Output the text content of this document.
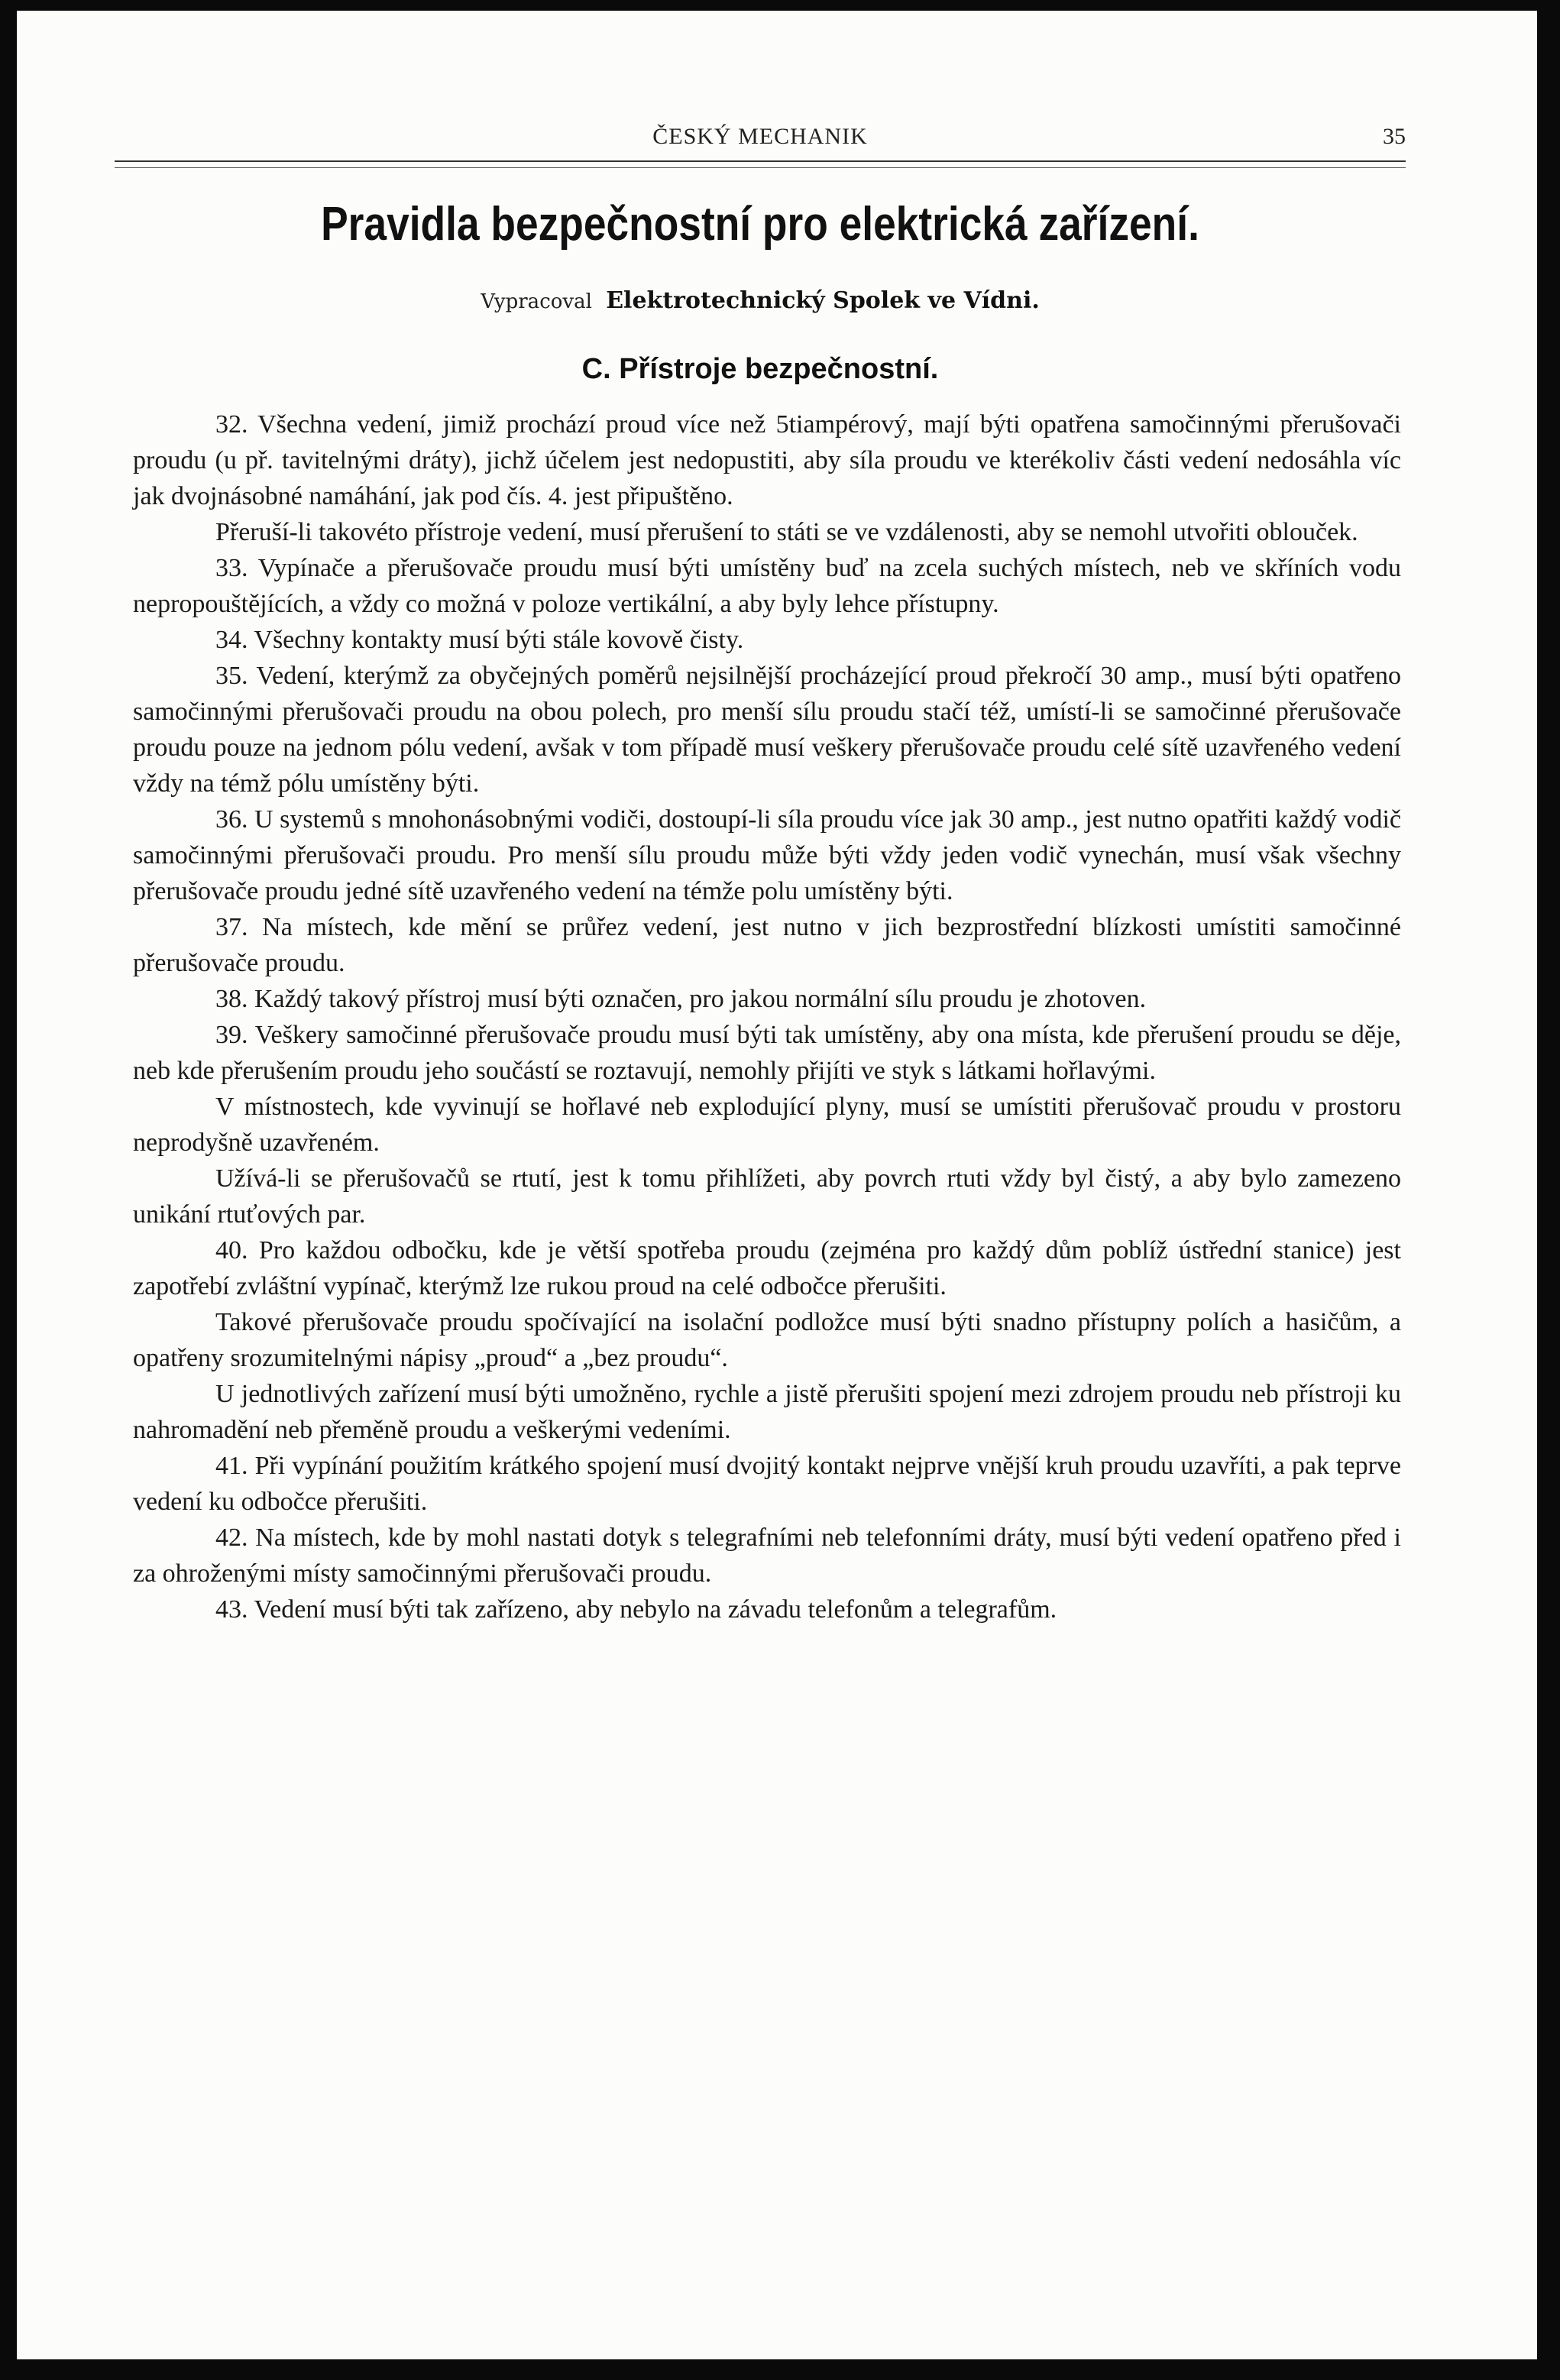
ČESKÝ MECHANIK	35
Pravidla bezpečnostní pro elektrická zařízení.
Vypracoval Elektrotechnický Spolek ve Vídni.
C. Přístroje bezpečnostní.

32. Všechna vedení, jimiž prochází proud více než 5tiampérový, mají býti opatřena samočinnými přerušovači proudu (u př. tavitelnými dráty), jichž účelem jest nedopustiti, aby síla proudu ve kterékoliv části vedení nedosáhla víc jak dvojnásobné namáhání, jak pod čís. 4. jest připuštěno.

Přeruší-li takovéto přístroje vedení, musí přerušení to státi se ve vzdálenosti, aby se nemohl utvořiti oblouček.

33. Vypínače a přerušovače proudu musí býti umístěny buď na zcela suchých místech, neb ve skříních vodu nepropouštějících, a vždy co možná v poloze vertikální, a aby byly lehce přístupny.

34. Všechny kontakty musí býti stále kovově čisty.

35. Vedení, kterýmž za obyčejných poměrů nejsilnější procházející proud překročí 30 amp., musí býti opatřeno samočinnými přerušovači proudu na obou polech, pro menší sílu proudu stačí též, umístí-li se samočinné přerušovače proudu pouze na jednom pólu vedení, avšak v tom případě musí veškery přerušovače proudu celé sítě uzavřeného vedení vždy na témž pólu umístěny býti.

36. U systemů s mnohonásobnými vodiči, dostoupí-li síla proudu více jak 30 amp., jest nutno opatřiti každý vodič samočinnými přerušovači proudu. Pro menší sílu proudu může býti vždy jeden vodič vynechán, musí však všechny přerušovače proudu jedné sítě uzavřeného vedení na témže polu umístěny býti.

37. Na místech, kde mění se průřez vedení, jest nutno v jich bezprostřední blízkosti umístiti samočinné přerušovače proudu.

38. Každý takový přístroj musí býti označen, pro jakou normální sílu proudu je zhotoven.

39. Veškery samočinné přerušovače proudu musí býti tak umístěny, aby ona místa, kde přerušení proudu se děje, neb kde přerušením proudu jeho součástí se roztavují, nemohly přijíti ve styk s látkami hořlavými.

V místnostech, kde vyvinují se hořlavé neb explodující plyny, musí se umístiti přerušovač proudu v prostoru neprodyšně uzavřeném.

Užívá-li se přerušovačů se rtutí, jest k tomu přihlížeti, aby povrch rtuti vždy byl čistý, a aby bylo zamezeno unikání rtuťových par.

40. Pro každou odbočku, kde je větší spotřeba proudu (zejména pro každý dům poblíž ústřední stanice) jest zapotřebí zvláštní vypínač, kterýmž lze rukou proud na celé odbočce přerušiti.

Takové přerušovače proudu spočívající na isolační podložce musí býti snadno přístupny polích a hasičům, a opatřeny srozumitelnými nápisy „proud“ a „bez proudu“.

U jednotlivých zařízení musí býti umožněno, rychle a jistě přerušiti spojení mezi zdrojem proudu neb přístroji ku nahromadění neb přeměně proudu a veškerými vedeními.

41. Při vypínání použitím krátkého spojení musí dvojitý kontakt nejprve vnější kruh proudu uzavříti, a pak teprve vedení ku odbočce přerušiti.

42. Na místech, kde by mohl nastati dotyk s telegrafními neb telefonními dráty, musí býti vedení opatřeno před i za ohroženými místy samočinnými přerušovači proudu.

43. Vedení musí býti tak zařízeno, aby nebylo na závadu telefonům a telegrafům.
